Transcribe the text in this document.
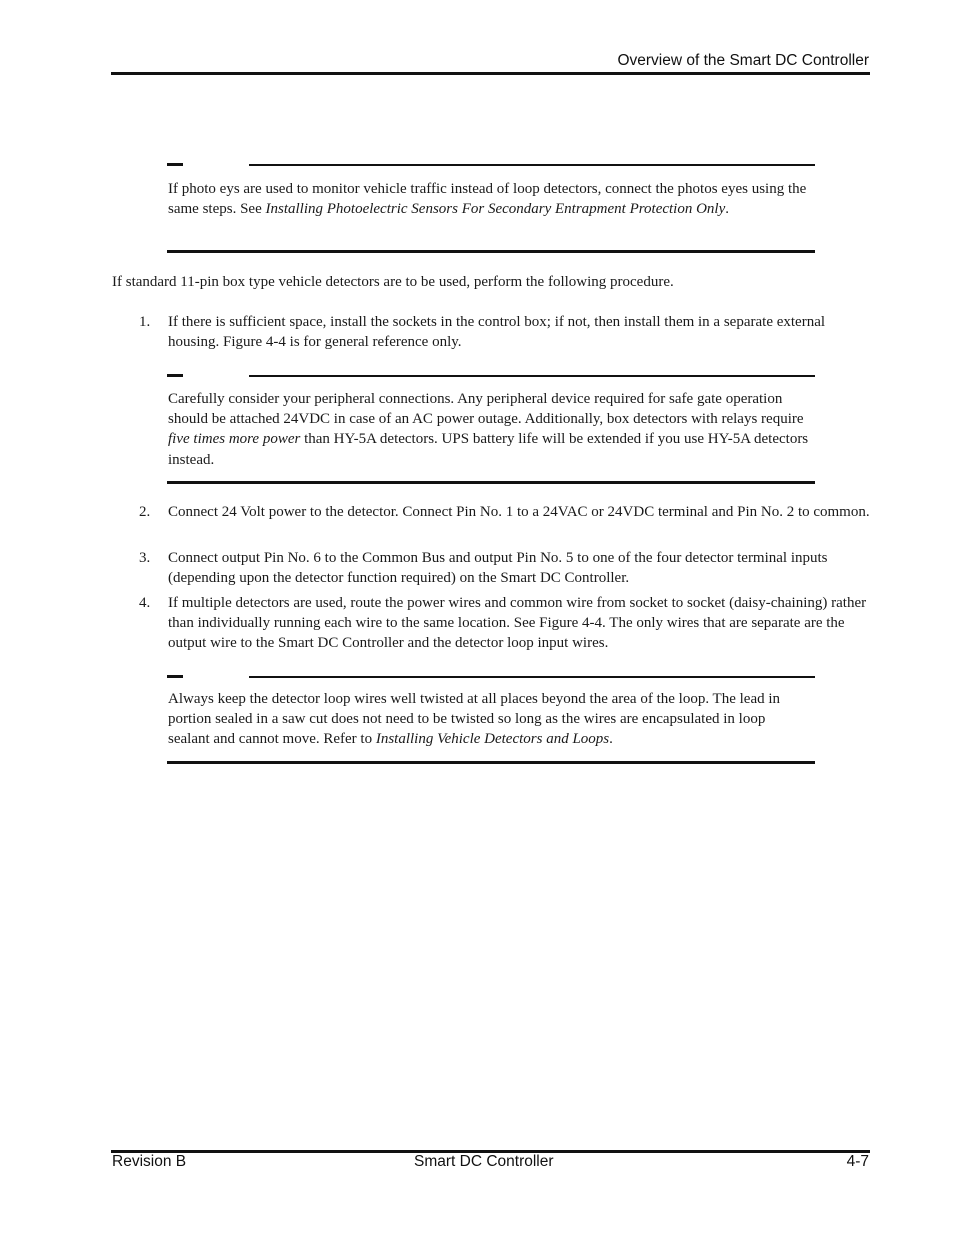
Overview of the Smart DC Controller
If photo eys are used to monitor vehicle traffic instead of loop detectors, connect the photos eyes using the same steps. See Installing Photoelectric Sensors For Secondary Entrapment Protection Only.
If standard 11-pin box type vehicle detectors are to be used, perform the following procedure.
1.	If there is sufficient space, install the sockets in the control box; if not, then install them in a separate external housing. Figure 4-4 is for general reference only.
Carefully consider your peripheral connections. Any peripheral device required for safe gate operation should be attached 24VDC in case of an AC power outage. Additionally, box detectors with relays require five times more power than HY-5A detectors. UPS battery life will be extended if you use HY-5A detectors instead.
2.	Connect 24 Volt power to the detector. Connect Pin No. 1 to a 24VAC or 24VDC terminal and Pin No. 2 to common.
3.	Connect output Pin No. 6 to the Common Bus and output Pin No. 5 to one of the four detector terminal inputs (depending upon the detector function required) on the Smart DC Controller.
4.	If multiple detectors are used, route the power wires and common wire from socket to socket (daisy-chaining) rather than individually running each wire to the same location. See Figure 4-4. The only wires that are separate are the output wire to the Smart DC Controller and the detector loop input wires.
Always keep the detector loop wires well twisted at all places beyond the area of the loop. The lead in portion sealed in a saw cut does not need to be twisted so long as the wires are encapsulated in loop sealant and cannot move. Refer to Installing Vehicle Detectors and Loops.
Revision B	Smart DC Controller	4-7
